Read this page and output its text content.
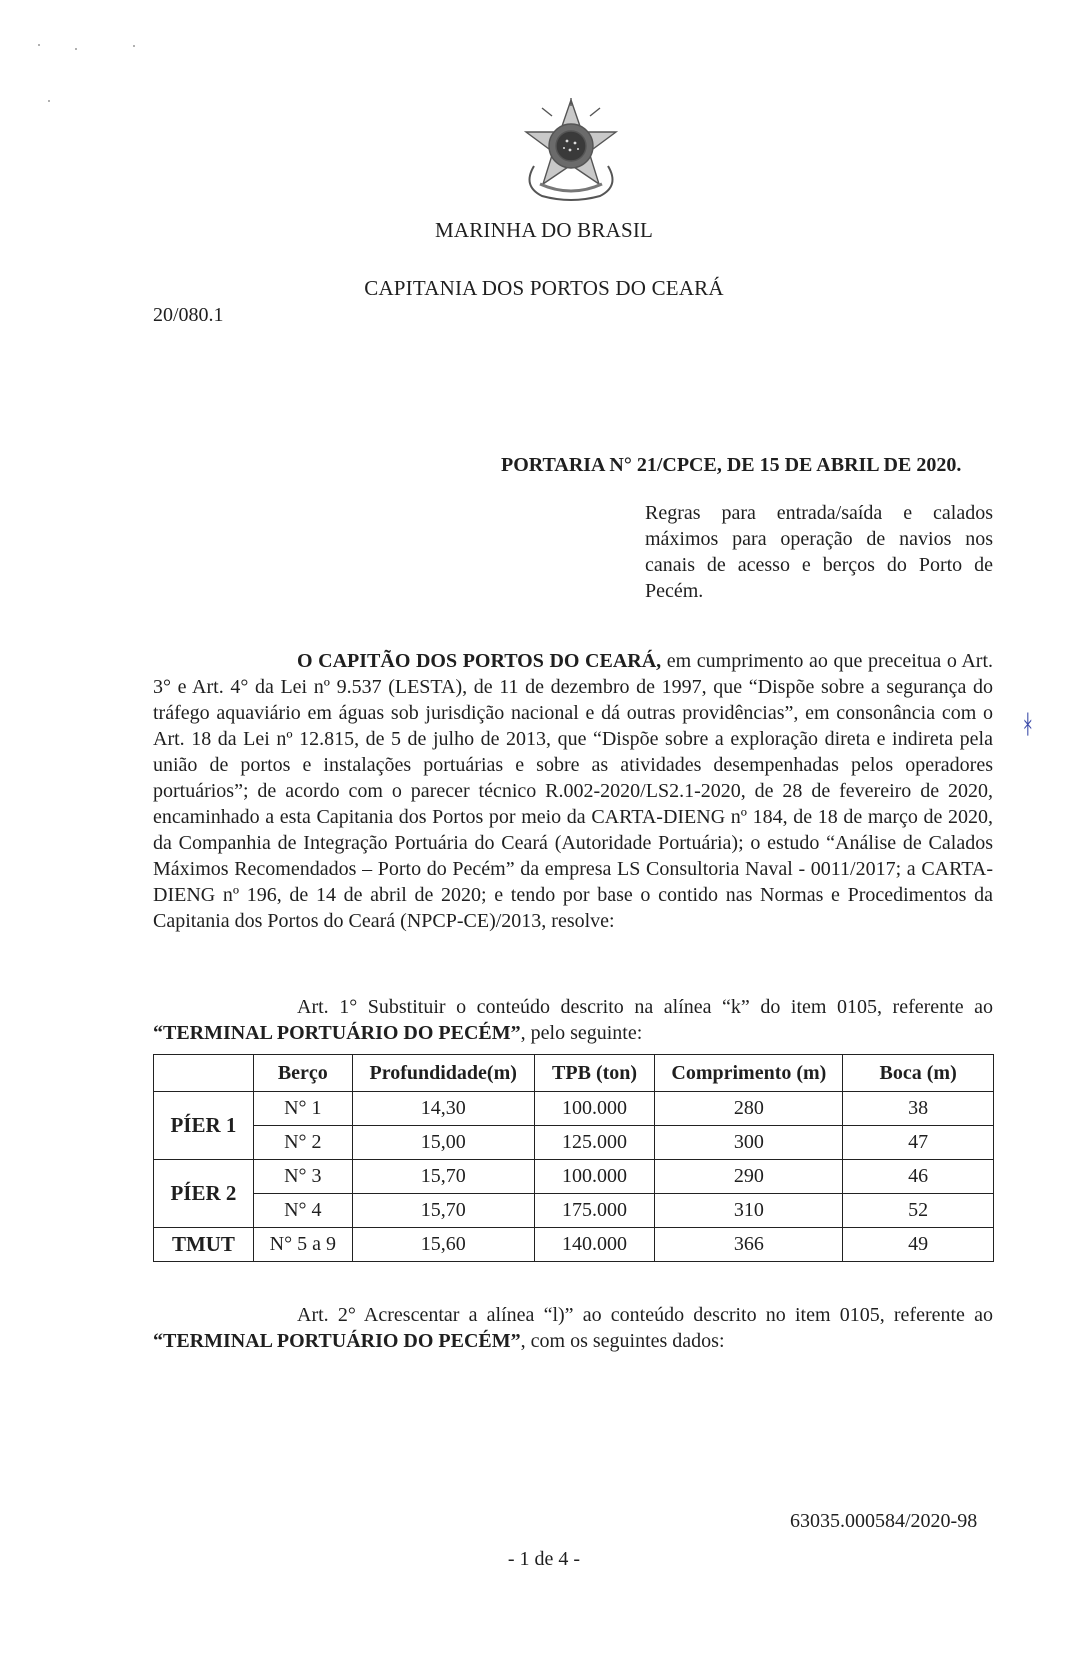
MARINHA DO BRASIL
CAPITANIA DOS PORTOS DO CEARÁ
20/080.1
PORTARIA N° 21/CPCE, DE 15 DE ABRIL DE 2020.
Regras para entrada/saída e calados máximos para operação de navios nos canais de acesso e berços do Porto de Pecém.

O CAPITÃO DOS PORTOS DO CEARÁ, em cumprimento ao que preceitua o Art. 3° e Art. 4° da Lei nº 9.537 (LESTA), de 11 de dezembro de 1997, que “Dispõe sobre a segurança do tráfego aquaviário em águas sob jurisdição nacional e dá outras providências”, em consonância com o Art. 18 da Lei nº 12.815, de 5 de julho de 2013, que “Dispõe sobre a exploração direta e indireta pela união de portos e instalações portuárias e sobre as atividades desempenhadas pelos operadores portuários”; de acordo com o parecer técnico R.002-2020/LS2.1-2020, de 28 de fevereiro de 2020, encaminhado a esta Capitania dos Portos por meio da CARTA-DIENG nº 184, de 18 de março de 2020, da Companhia de Integração Portuária do Ceará (Autoridade Portuária); o estudo “Análise de Calados Máximos Recomendados – Porto do Pecém” da empresa LS Consultoria Naval - 0011/2017; a CARTA-DIENG nº 196, de 14 de abril de 2020; e tendo por base o contido nas Normas e Procedimentos da Capitania dos Portos do Ceará (NPCP-CE)/2013, resolve:

ᚼ

Art. 1° Substituir o conteúdo descrito na alínea “k” do item 0105, referente ao “TERMINAL PORTUÁRIO DO PECÉM”, pelo seguinte:

	Berço	Profundidade(m)	TPB (ton)	Comprimento (m)	Boca (m)
PÍER 1	N° 1	14,30	100.000	280	38
	N° 2	15,00	125.000	300	47
PÍER 2	N° 3	15,70	100.000	290	46
	N° 4	15,70	175.000	310	52
TMUT	N° 5 a 9	15,60	140.000	366	49

Art. 2° Acrescentar a alínea “l)” ao conteúdo descrito no item 0105, referente ao “TERMINAL PORTUÁRIO DO PECÉM”, com os seguintes dados:

63035.000584/2020-98
- 1 de 4 -
